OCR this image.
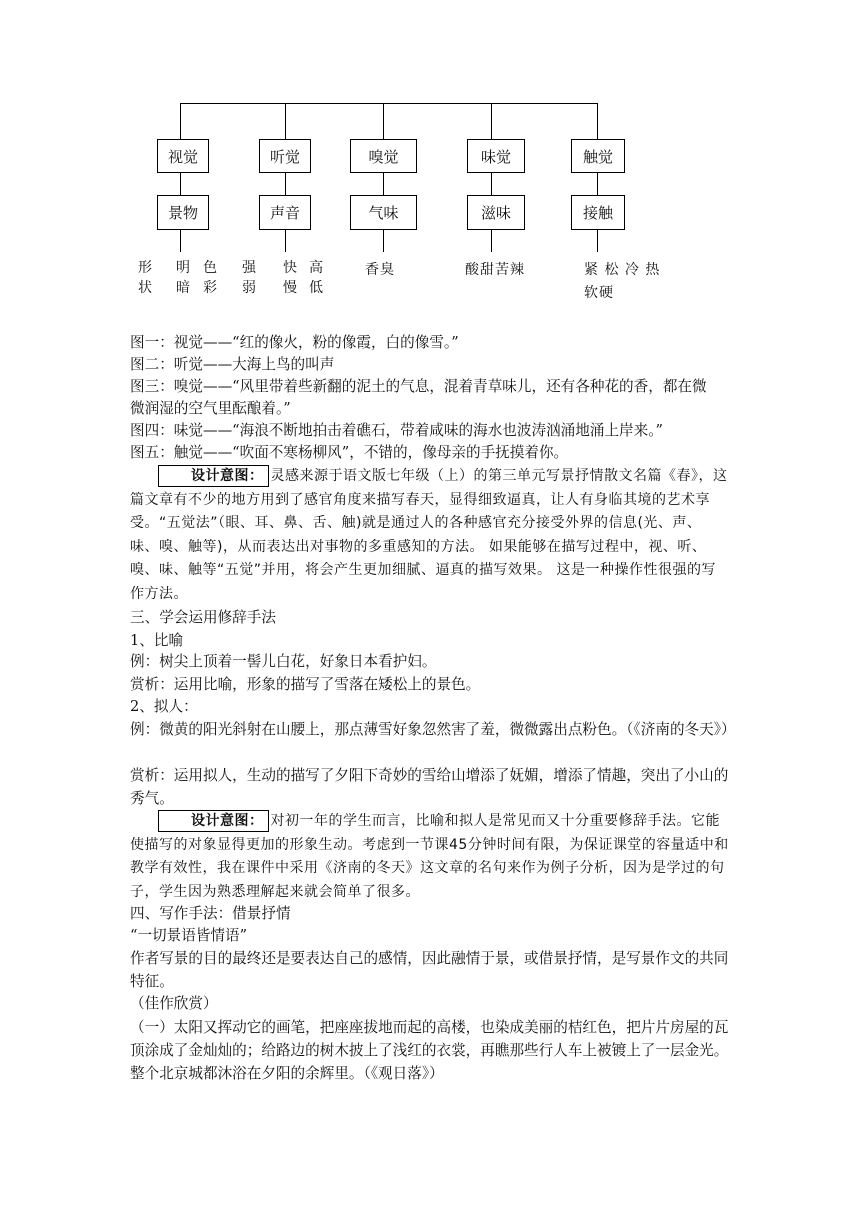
视觉	听觉	嗅觉	味觉	触觉
景物	声音	气味	滋味	接触
形
状
明
暗
色
彩
强
弱
快
慢
高
低
香臭	酸甜苦辣	紧 松 冷 热
软硬
图一：视觉——“红的像火，粉的像霞，白的像雪。”
图二：听觉——大海上鸟的叫声
图三：嗅觉——“风里带着些新翻的泥土的气息，混着青草味儿，还有各种花的香，都在微
微润湿的空气里酝酿着。”
图四：味觉——“海浪不断地拍击着礁石，带着咸味的海水也波涛汹涌地涌上岸来。”
图五：触觉——“吹面不寒杨柳风”，不错的，像母亲的手抚摸着你。
设计意图： 灵感来源于语文版七年级（上）的第三单元写景抒情散文名篇《春》，这篇文章有不少的地方用到了感官角度来描写春天，显得细致逼真，让人有身临其境的艺术享受。“五觉法”（眼、耳、鼻、舌、触)就是通过人的各种感官充分接受外界的信息(光、声、味、嗅、触等)，从而表达出对事物的多重感知的方法。 如果能够在描写过程中，视、听、嗅、味、触等“五觉”并用，将会产生更加细腻、逼真的描写效果。 这是一种操作性很强的写作方法。
三、学会运用修辞手法
1、比喻
例：树尖上顶着一髻儿白花，好象日本看护妇。
赏析：运用比喻，形象的描写了雪落在矮松上的景色。
2、拟人：
例：微黄的阳光斜射在山腰上，那点薄雪好象忽然害了羞，微微露出点粉色。（《济南的冬天》）
赏析：运用拟人，生动的描写了夕阳下奇妙的雪给山增添了妩媚，增添了情趣，突出了小山的秀气。
设计意图： 对初一年的学生而言，比喻和拟人是常见而又十分重要修辞手法。它能使描写的对象显得更加的形象生动。考虑到一节课45分钟时间有限，为保证课堂的容量适中和教学有效性，我在课件中采用《济南的冬天》这文章的名句来作为例子分析，因为是学过的句子，学生因为熟悉理解起来就会简单了很多。
四、写作手法：借景抒情
“一切景语皆情语”
作者写景的目的最终还是要表达自己的感情，因此融情于景，或借景抒情，是写景作文的共同特征。
（佳作欣赏）
（一）太阳又挥动它的画笔，把座座拔地而起的高楼，也染成美丽的桔红色，把片片房屋的瓦顶涂成了金灿灿的；给路边的树木披上了浅红的衣裳，再瞧那些行人车上被镀上了一层金光。整个北京城都沐浴在夕阳的余辉里。（《观日落》）
